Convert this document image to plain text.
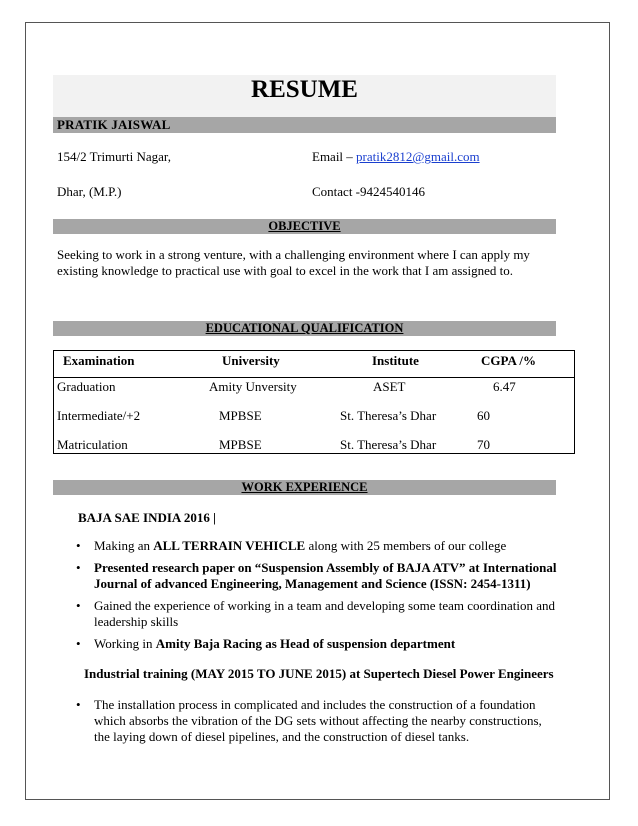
RESUME
PRATIK JAISWAL
154/2 Trimurti Nagar,	Email – pratik2812@gmail.com
Dhar, (M.P.)	Contact -9424540146
OBJECTIVE
Seeking to work in a strong venture, with a challenging environment where I can apply my existing knowledge to practical use with goal to excel in the work that I am assigned to.
EDUCATIONAL QUALIFICATION
Examination	University	Institute	CGPA /%
Graduation	Amity Unversity	ASET	6.47
Intermediate/+2	MPBSE	St. Theresa’s Dhar	60
Matriculation	MPBSE	St. Theresa’s Dhar	70
WORK EXPERIENCE
BAJA SAE INDIA 2016 |
• Making an ALL TERRAIN VEHICLE along with 25 members of our college
• Presented research paper on “Suspension Assembly of BAJA ATV” at International Journal of advanced Engineering, Management and Science (ISSN: 2454-1311)
• Gained the experience of working in a team and developing some team coordination and leadership skills
• Working in Amity Baja Racing as Head of suspension department
Industrial training (MAY 2015 TO JUNE 2015) at Supertech Diesel Power Engineers
• The installation process in complicated and includes the construction of a foundation which absorbs the vibration of the DG sets without affecting the nearby constructions, the laying down of diesel pipelines, and the construction of diesel tanks.
